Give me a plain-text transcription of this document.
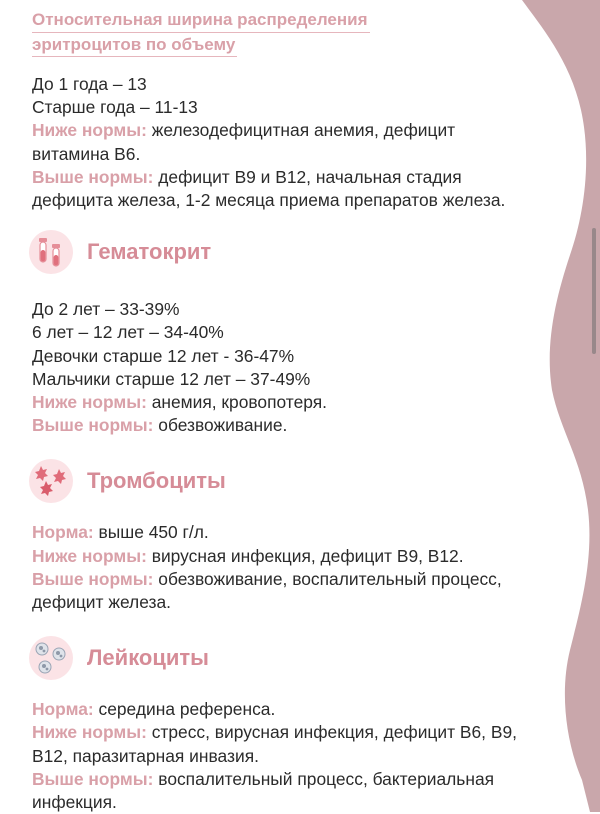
Относительная ширина распределения
эритроцитов по объему
До 1 года – 13
Старше года – 11-13
Ниже нормы: железодефицитная анемия, дефицит
витамина B6.
Выше нормы: дефицит B9 и B12, начальная стадия
дефицита железа, 1-2 месяца приема препаратов железа.
Гематокрит
До 2 лет – 33-39%
6 лет – 12 лет – 34-40%
Девочки старше 12 лет - 36-47%
Мальчики старше 12 лет – 37-49%
Ниже нормы: анемия, кровопотеря.
Выше нормы: обезвоживание.
Тромбоциты
Норма: выше 450 г/л.
Ниже нормы: вирусная инфекция, дефицит B9, B12.
Выше нормы: обезвоживание, воспалительный процесс,
дефицит железа.
Лейкоциты
Норма: середина референса.
Ниже нормы: стресс, вирусная инфекция, дефицит B6, B9,
B12, паразитарная инвазия.
Выше нормы: воспалительный процесс, бактериальная
инфекция.
